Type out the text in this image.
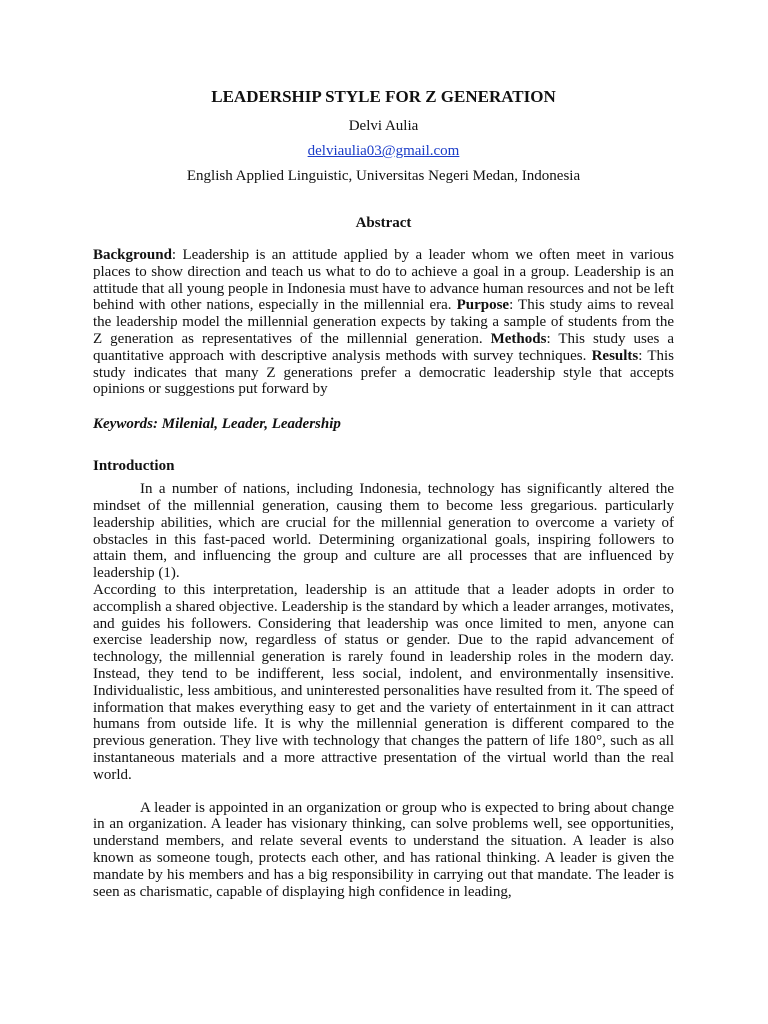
LEADERSHIP STYLE FOR Z GENERATION

Delvi Aulia

delviaulia03@gmail.com

English Applied Linguistic, Universitas Negeri Medan, Indonesia

Abstract

Background: Leadership is an attitude applied by a leader whom we often meet in various places to show direction and teach us what to do to achieve a goal in a group. Leadership is an attitude that all young people in Indonesia must have to advance human resources and not be left behind with other nations, especially in the millennial era. Purpose: This study aims to reveal the leadership model the millennial generation expects by taking a sample of students from the Z generation as representatives of the millennial generation. Methods: This study uses a quantitative approach with descriptive analysis methods with survey techniques. Results: This study indicates that many Z generations prefer a democratic leadership style that accepts opinions or suggestions put forward by

Keywords: Milenial, Leader, Leadership

Introduction

In a number of nations, including Indonesia, technology has significantly altered the mindset of the millennial generation, causing them to become less gregarious. particularly leadership abilities, which are crucial for the millennial generation to overcome a variety of obstacles in this fast-paced world. Determining organizational goals, inspiring followers to attain them, and influencing the group and culture are all processes that are influenced by leadership (1).

According to this interpretation, leadership is an attitude that a leader adopts in order to accomplish a shared objective. Leadership is the standard by which a leader arranges, motivates, and guides his followers. Considering that leadership was once limited to men, anyone can exercise leadership now, regardless of status or gender. Due to the rapid advancement of technology, the millennial generation is rarely found in leadership roles in the modern day. Instead, they tend to be indifferent, less social, indolent, and environmentally insensitive. Individualistic, less ambitious, and uninterested personalities have resulted from it. The speed of information that makes everything easy to get and the variety of entertainment in it can attract humans from outside life. It is why the millennial generation is different compared to the previous generation. They live with technology that changes the pattern of life 180°, such as all instantaneous materials and a more attractive presentation of the virtual world than the real world.

A leader is appointed in an organization or group who is expected to bring about change in an organization. A leader has visionary thinking, can solve problems well, see opportunities, understand members, and relate several events to understand the situation. A leader is also known as someone tough, protects each other, and has rational thinking. A leader is given the mandate by his members and has a big responsibility in carrying out that mandate. The leader is seen as charismatic, capable of displaying high confidence in leading,
